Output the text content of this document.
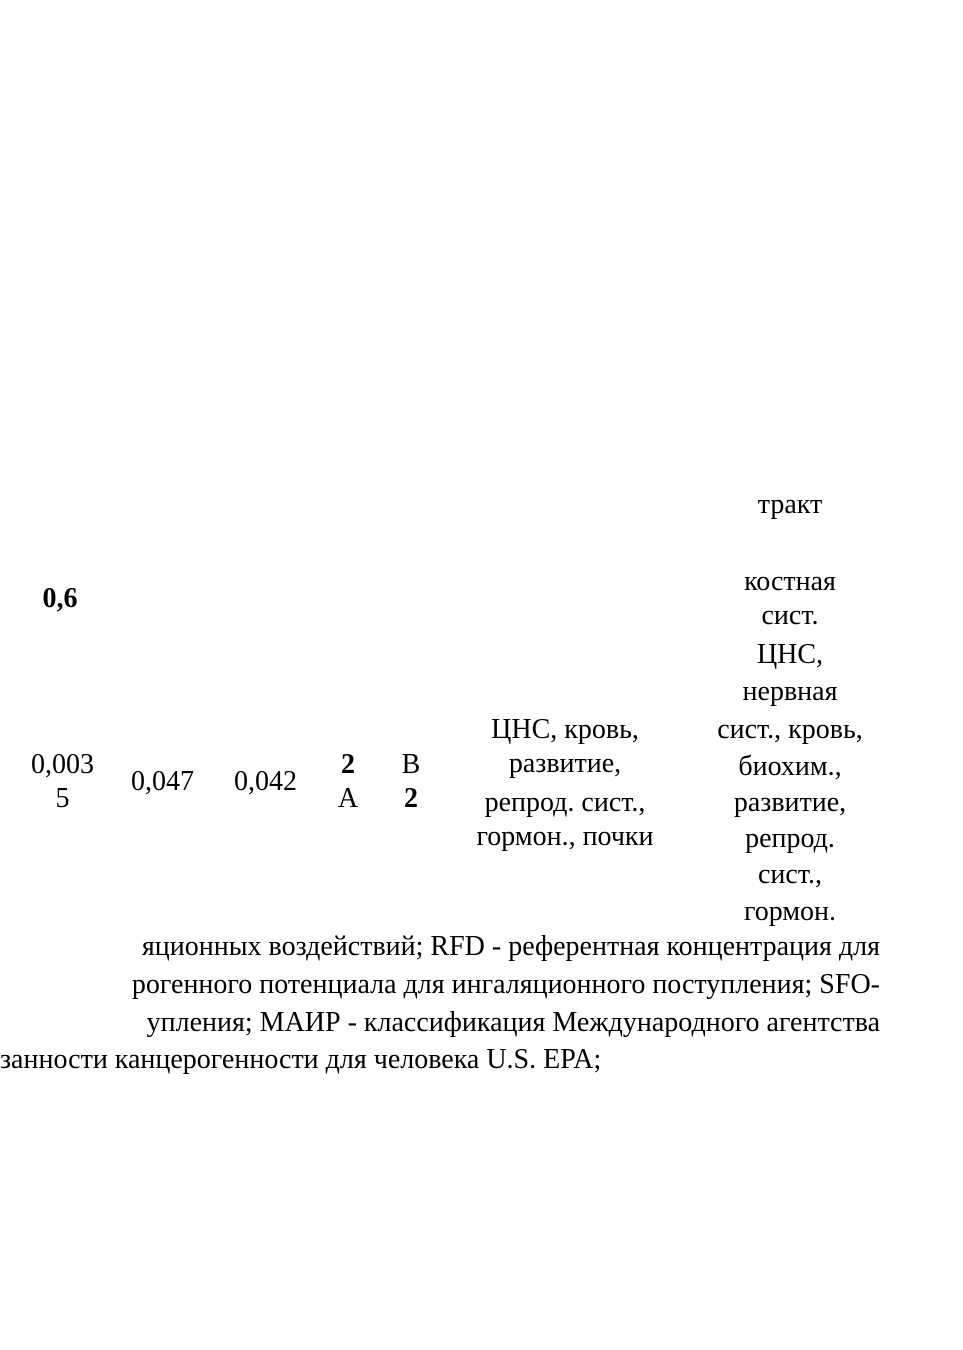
тракт
0,6
костная
сист.
0,003
5
0,047	0,042
2
A
B
2
ЦНС, кровь,
развитие,
репрод. сист.,
гормон., почки
ЦНС,
нервная
сист., кровь,
биохим.,
развитие,
репрод.
сист.,
гормон.
яционных воздействий; RFD - референтная концентрация для
рогенного потенциала для ингаляционного поступления; SFO-
упления; МАИР - классификация Международного агентства
занности канцерогенности для человека U.S. EPA;
